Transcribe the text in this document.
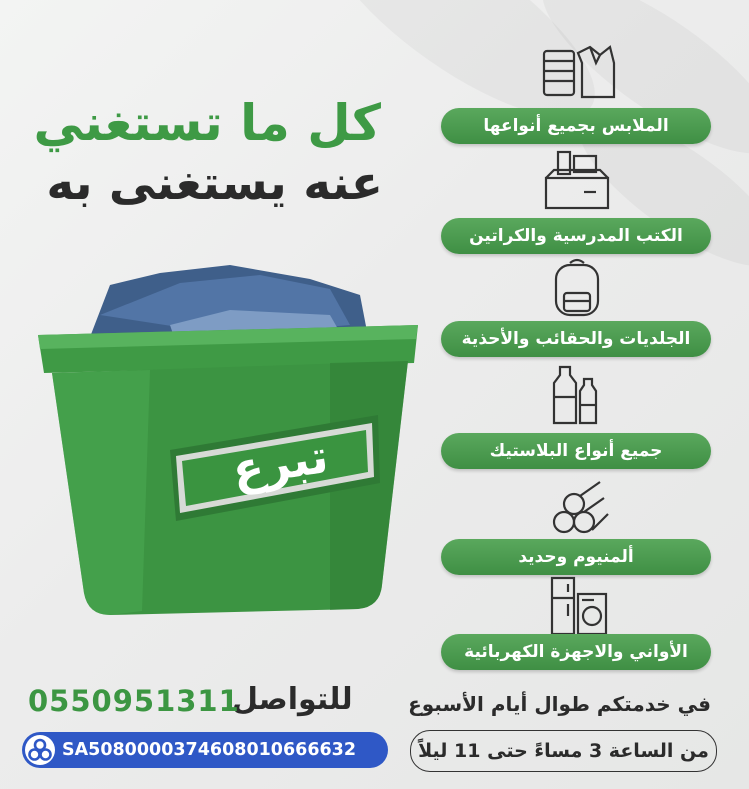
كل ما تستغني
عنه يستغنى به
تبرع
الملابس بجميع أنواعها
الكتب المدرسية والكراتين
الجلديات والحقائب والأحذية
جميع أنواع البلاستيك
ألمنيوم وحديد
الأواني والاجهزة الكهربائية
للتواصل
0550951311
SA5080000374608010666632
في خدمتكم طوال أيام الأسبوع
من الساعة 3 مساءً حتى 11 ليلاً
